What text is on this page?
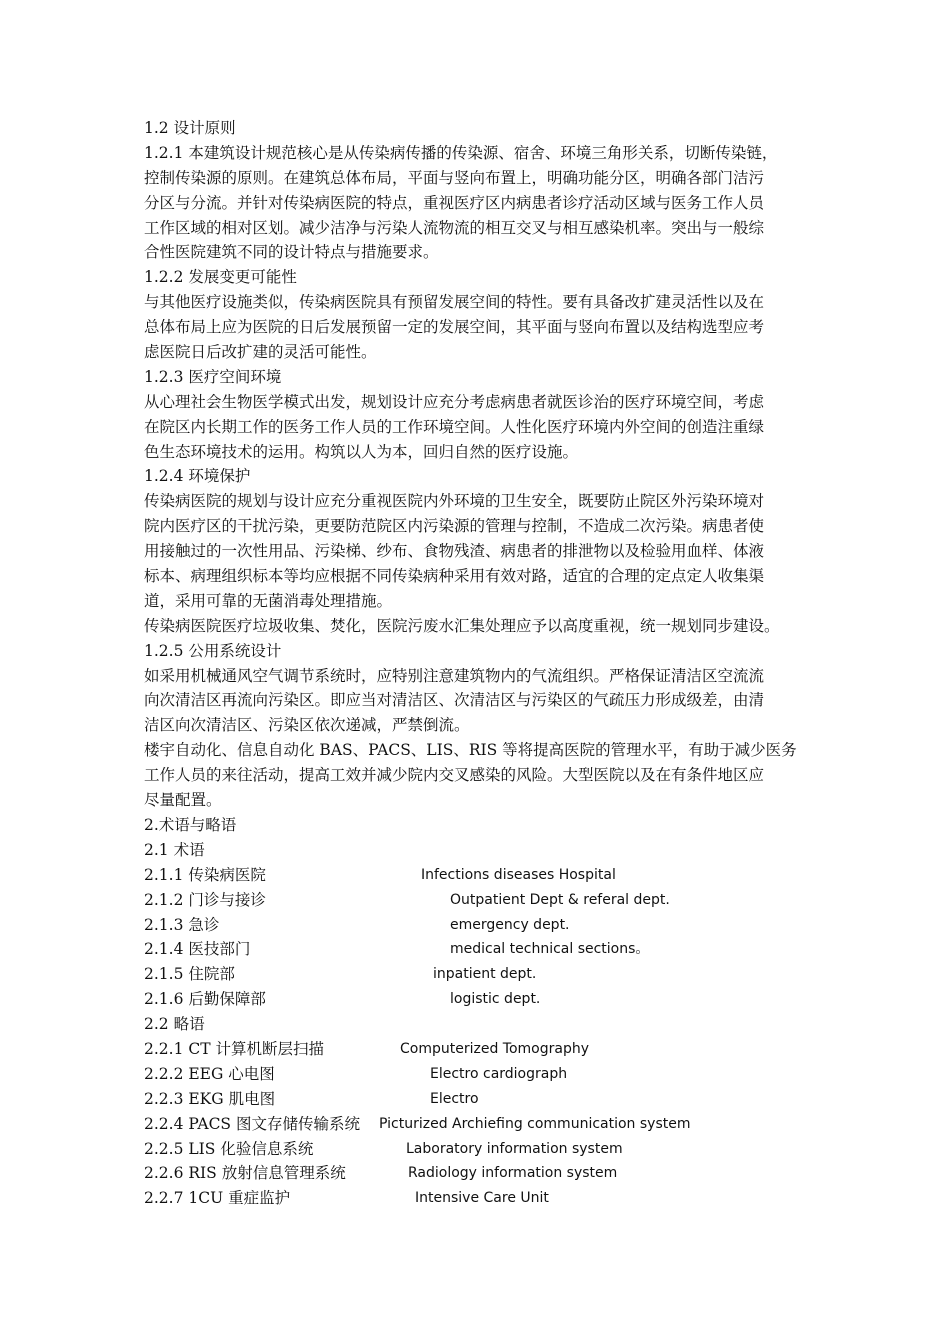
1.2 设计原则
1.2.1 本建筑设计规范核心是从传染病传播的传染源、宿舍、环境三角形关系，切断传染链，
控制传染源的原则。在建筑总体布局，平面与竖向布置上，明确功能分区，明确各部门洁污
分区与分流。并针对传染病医院的特点，重视医疗区内病患者诊疗活动区域与医务工作人员
工作区域的相对区划。减少洁净与污染人流物流的相互交叉与相互感染机率。突出与一般综
合性医院建筑不同的设计特点与措施要求。
1.2.2 发展变更可能性
与其他医疗设施类似，传染病医院具有预留发展空间的特性。要有具备改扩建灵活性以及在
总体布局上应为医院的日后发展预留一定的发展空间，其平面与竖向布置以及结构选型应考
虑医院日后改扩建的灵活可能性。
1.2.3 医疗空间环境
从心理社会生物医学模式出发，规划设计应充分考虑病患者就医诊治的医疗环境空间，考虑
在院区内长期工作的医务工作人员的工作环境空间。人性化医疗环境内外空间的创造注重绿
色生态环境技术的运用。构筑以人为本，回归自然的医疗设施。
1.2.4 环境保护
传染病医院的规划与设计应充分重视医院内外环境的卫生安全，既要防止院区外污染环境对
院内医疗区的干扰污染，更要防范院区内污染源的管理与控制，不造成二次污染。病患者使
用接触过的一次性用品、污染梯、纱布、食物残渣、病患者的排泄物以及检验用血样、体液
标本、病理组织标本等均应根据不同传染病种采用有效对路，适宜的合理的定点定人收集渠
道，采用可靠的无菌消毒处理措施。
传染病医院医疗垃圾收集、焚化，医院污废水汇集处理应予以高度重视，统一规划同步建设。
1.2.5 公用系统设计
如采用机械通风空气调节系统时，应特别注意建筑物内的气流组织。严格保证清洁区空流流
向次清洁区再流向污染区。即应当对清洁区、次清洁区与污染区的气疏压力形成级差，由清
洁区向次清洁区、污染区依次递减，严禁倒流。
楼宇自动化、信息自动化 BAS、PACS、LIS、RIS 等将提高医院的管理水平，有助于减少医务
工作人员的来往活动，提高工效并减少院内交叉感染的风险。大型医院以及在有条件地区应
尽量配置。
2.术语与略语
2.1 术语
2.1.1 传染病医院	Infections diseases Hospital
2.1.2 门诊与接诊	Outpatient Dept & referal dept.
2.1.3 急诊	emergency dept.
2.1.4 医技部门	medical technical sections。
2.1.5 住院部	inpatient dept.
2.1.6 后勤保障部	logistic dept.
2.2 略语
2.2.1 CT 计算机断层扫描	Computerized Tomography
2.2.2 EEG 心电图	Electro cardiograph
2.2.3 EKG 肌电图	Electro
2.2.4 PACS 图文存储传输系统 Picturized Archiefing communication system
2.2.5 LIS 化验信息系统	Laboratory information system
2.2.6 RIS 放射信息管理系统	Radiology information system
2.2.7 1CU 重症监护	Intensive Care Unit
